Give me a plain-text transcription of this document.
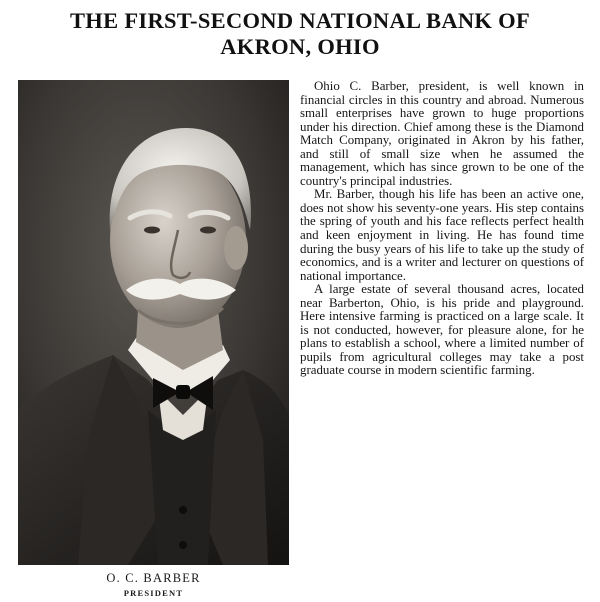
THE FIRST-SECOND NATIONAL BANK OF AKRON, OHIO

O. C. BARBER

PRESIDENT

Ohio C. Barber, president, is well known in financial circles in this country and abroad. Numerous small enterprises have grown to huge proportions under his direction. Chief among these is the Diamond Match Company, originated in Akron by his father, and still of small size when he assumed the management, which has since grown to be one of the country's principal industries.

Mr. Barber, though his life has been an active one, does not show his seventy-one years. His step contains the spring of youth and his face reflects perfect health and keen enjoyment in living. He has found time during the busy years of his life to take up the study of economics, and is a writer and lecturer on questions of national importance.

A large estate of several thousand acres, located near Barberton, Ohio, is his pride and playground. Here intensive farming is practiced on a large scale. It is not conducted, however, for pleasure alone, for he plans to establish a school, where a limited number of pupils from agricultural colleges may take a post graduate course in modern scientific farming.
